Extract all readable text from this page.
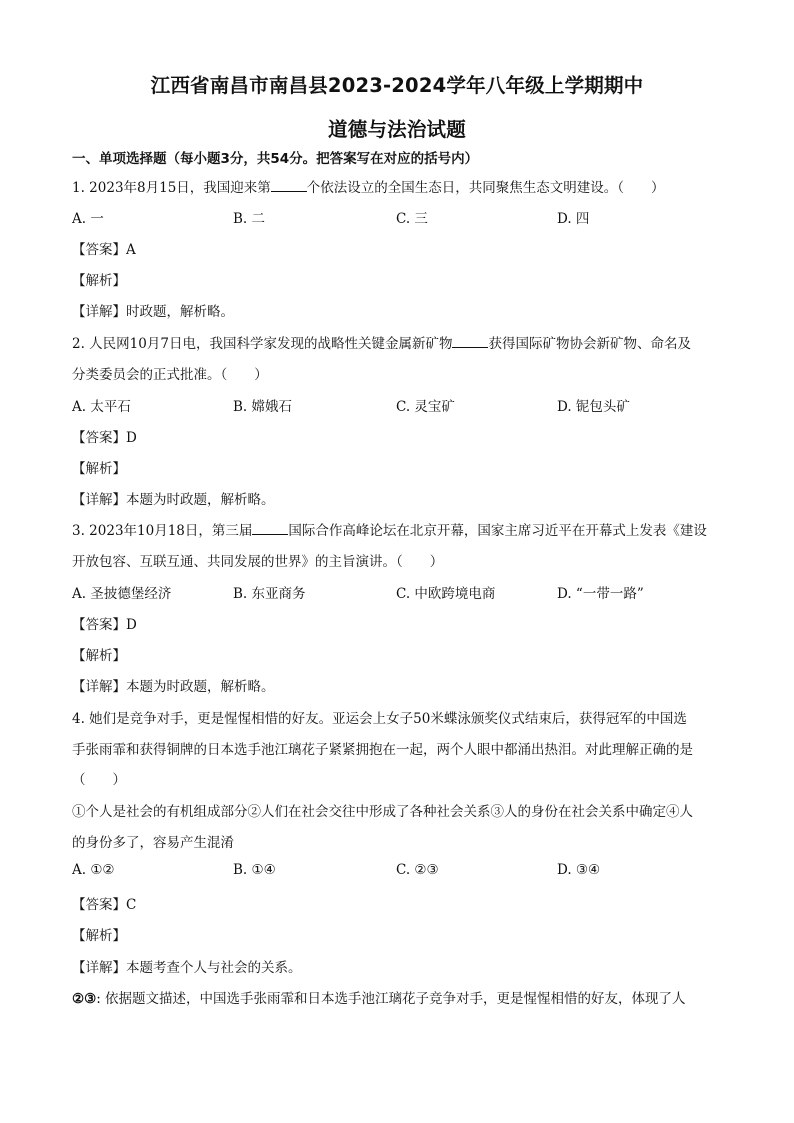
江西省南昌市南昌县2023-2024学年八年级上学期期中
道德与法治试题
一、单项选择题（每小题3分，共54分。把答案写在对应的括号内）
1. 2023年8月15日，我国迎来第	个依法设立的全国生态日，共同聚焦生态文明建设。（　　）
A. 一	B. 二	C. 三	D. 四
【答案】A
【解析】
【详解】时政题，解析略。
2. 人民网10月7日电，我国科学家发现的战略性关键金属新矿物	获得国际矿物协会新矿物、命名及
分类委员会的正式批准。（　　）
A. 太平石	B. 嫦娥石	C. 灵宝矿	D. 铌包头矿
【答案】D
【解析】
【详解】本题为时政题，解析略。
3. 2023年10月18日，第三届	国际合作高峰论坛在北京开幕，国家主席习近平在开幕式上发表《建设
开放包容、互联互通、共同发展的世界》的主旨演讲。（　　）
A. 圣披德堡经济	B. 东亚商务	C. 中欧跨境电商	D. “一带一路”
【答案】D
【解析】
【详解】本题为时政题，解析略。
4. 她们是竞争对手，更是惺惺相惜的好友。亚运会上女子50米蝶泳颁奖仪式结束后，获得冠军的中国选
手张雨霏和获得铜牌的日本选手池江璃花子紧紧拥抱在一起，两个人眼中都涌出热泪。对此理解正确的是
（　　）
①个人是社会的有机组成部分②人们在社会交往中形成了各种社会关系③人的身份在社会关系中确定④人
的身份多了，容易产生混淆
A. ①②	B. ①④	C. ②③	D. ③④
【答案】C
【解析】
【详解】本题考查个人与社会的关系。
②③: 依据题文描述，中国选手张雨霏和日本选手池江璃花子竞争对手，更是惺惺相惜的好友，体现了人
